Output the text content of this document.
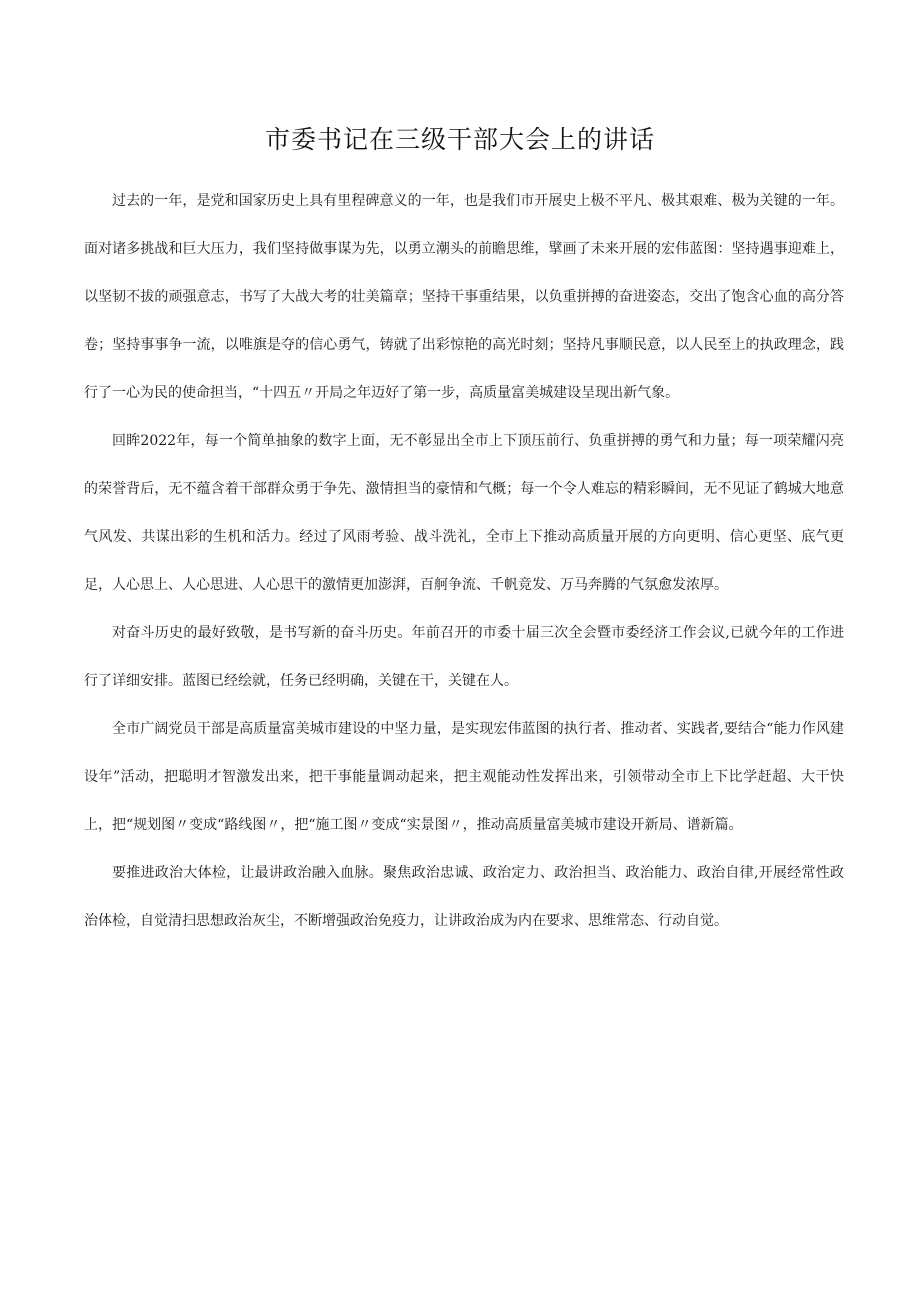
市委书记在三级干部大会上的讲话

过去的一年，是党和国家历史上具有里程碑意义的一年，也是我们市开展史上极不平凡、极其艰难、极为关键的一年。面对诸多挑战和巨大压力，我们坚持做事谋为先，以勇立潮头的前瞻思维，擘画了未来开展的宏伟蓝图：坚持遇事迎难上，以坚韧不拔的顽强意志，书写了大战大考的壮美篇章；坚持干事重结果，以负重拼搏的奋进姿态，交出了饱含心血的高分答卷；坚持事事争一流，以唯旗是夺的信心勇气，铸就了出彩惊艳的高光时刻；坚持凡事顺民意，以人民至上的执政理念，践行了一心为民的使命担当，“十四五〃开局之年迈好了第一步，高质量富美城建设呈现出新气象。

回眸2022年，每一个简单抽象的数字上面，无不彰显出全市上下顶压前行、负重拼搏的勇气和力量；每一项荣耀闪亮的荣誉背后，无不蕴含着干部群众勇于争先、激情担当的豪情和气概；每一个令人难忘的精彩瞬间，无不见证了鹤城大地意气风发、共谋出彩的生机和活力。经过了风雨考验、战斗洗礼，全市上下推动高质量开展的方向更明、信心更坚、底气更足，人心思上、人心思进、人心思干的激情更加澎湃，百舸争流、千帆竞发、万马奔腾的气氛愈发浓厚。

对奋斗历史的最好致敬，是书写新的奋斗历史。年前召开的市委十届三次全会暨市委经济工作会议,已就今年的工作进行了详细安排。蓝图已经绘就，任务已经明确，关键在干，关键在人。

全市广阔党员干部是高质量富美城市建设的中坚力量，是实现宏伟蓝图的执行者、推动者、实践者,要结合“能力作风建设年”活动，把聪明才智激发出来，把干事能量调动起来，把主观能动性发挥出来，引领带动全市上下比学赶超、大干快上，把“规划图〃变成“路线图〃，把“施工图〃变成“实景图〃，推动高质量富美城市建设开新局、谱新篇。

要推进政治大体检，让最讲政治融入血脉。聚焦政治忠诚、政治定力、政治担当、政治能力、政治自律,开展经常性政治体检，自觉清扫思想政治灰尘，不断增强政治免疫力，让讲政治成为内在要求、思维常态、行动自觉。
